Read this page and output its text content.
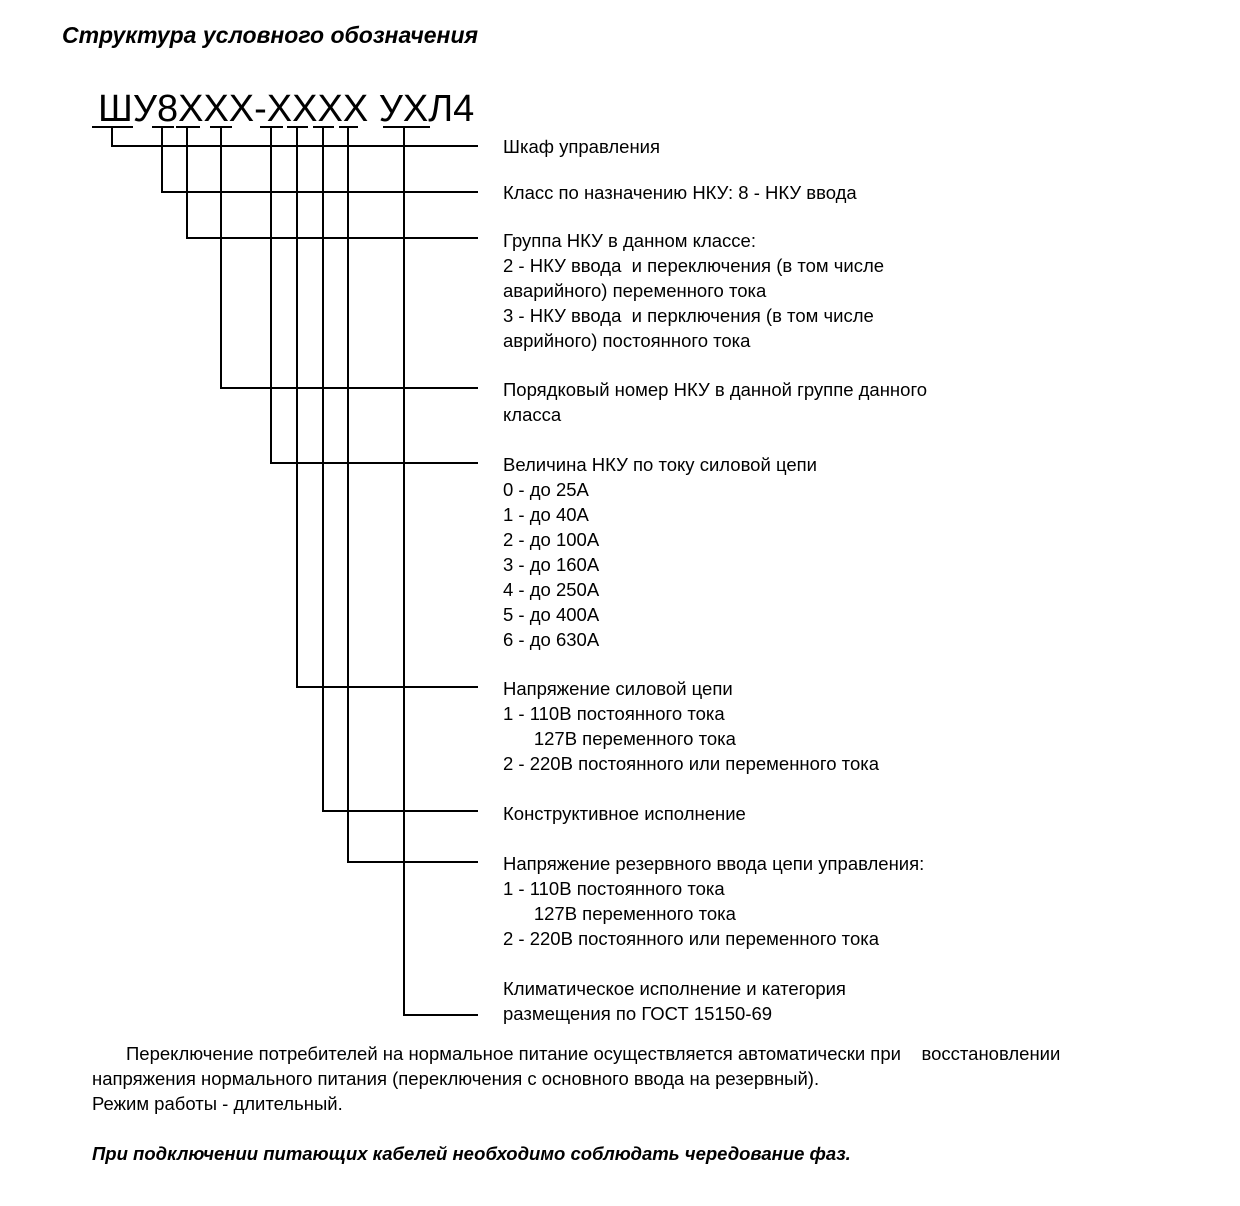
Структура условного обозначения
ШУ8ХХХ-ХХХХ УХЛ4
Шкаф управления
Класс по назначению НКУ: 8 - НКУ ввода
Группа НКУ в данном классе:
2 - НКУ ввода  и переключения (в том числе
аварийного) переменного тока
3 - НКУ ввода  и перключения (в том числе
аврийного) постоянного тока
Порядковый номер НКУ в данной группе данного
класса
Величина НКУ по току силовой цепи
0 - до 25А
1 - до 40А
2 - до 100А
3 - до 160А
4 - до 250А
5 - до 400А
6 - до 630А
Напряжение силовой цепи
1 - 110В постоянного тока
127В переменного тока
2 - 220В постоянного или переменного тока
Конструктивное исполнение
Напряжение резервного ввода цепи управления:
1 - 110В постоянного тока
127В переменного тока
2 - 220В постоянного или переменного тока
Климатическое исполнение и категория
размещения по ГОСТ 15150-69
Переключение потребителей на нормальное питание осуществляется автоматически при    восстановлении
напряжения нормального питания (переключения с основного ввода на резервный).
Режим работы - длительный.
При подключении питающих кабелей необходимо соблюдать чередование фаз.
